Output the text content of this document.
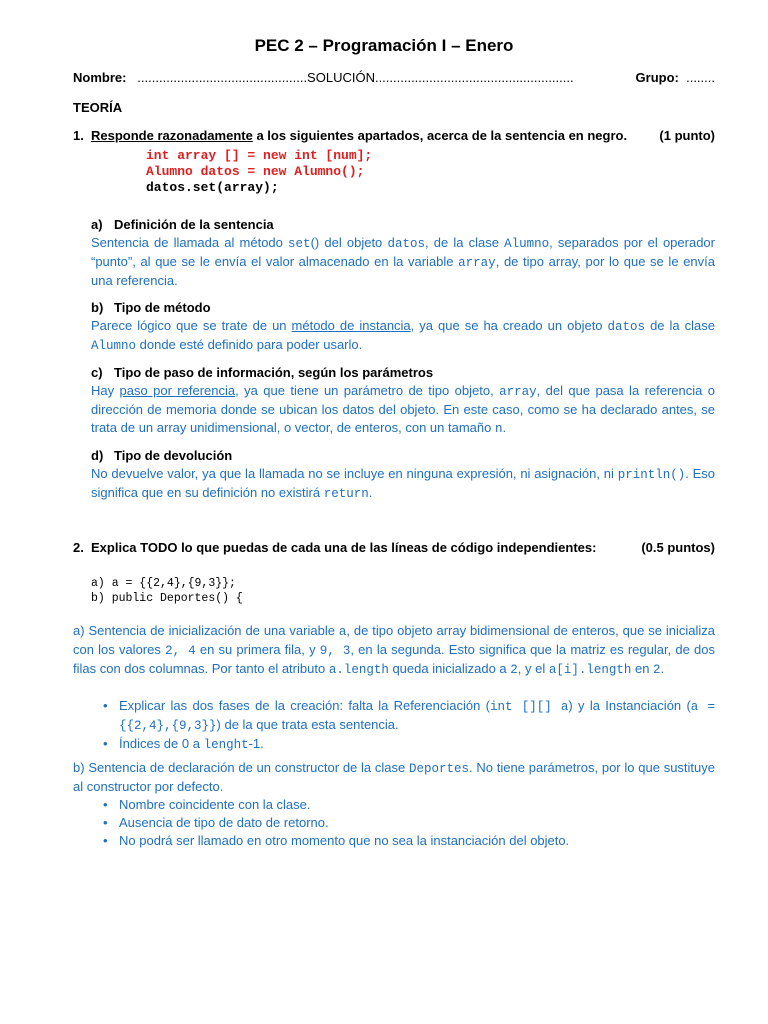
PEC 2 – Programación I – Enero
Nombre: ...............................................SOLUCIÓN.......................................................	Grupo: ........
TEORÍA
1. Responde razonadamente a los siguientes apartados, acerca de la sentencia en negro. (1 punto)
int array [] = new int [num];
Alumno datos = new Alumno();
datos.set(array);
a) Definición de la sentencia

Sentencia de llamada al método set() del objeto datos, de la clase Alumno, separados por el operador “punto”, al que se le envía el valor almacenado en la variable array, de tipo array, por lo que se le envía una referencia.

b) Tipo de método

Parece lógico que se trate de un método de instancia, ya que se ha creado un objeto datos de la clase Alumno donde esté definido para poder usarlo.

c) Tipo de paso de información, según los parámetros

Hay paso por referencia, ya que tiene un parámetro de tipo objeto, array, del que pasa la referencia o dirección de memoria donde se ubican los datos del objeto. En este caso, como se ha declarado antes, se trata de un array unidimensional, o vector, de enteros, con un tamaño n.

d) Tipo de devolución

No devuelve valor, ya que la llamada no se incluye en ninguna expresión, ni asignación, ni println(). Eso significa que en su definición no existirá return.

2. Explica TODO lo que puedas de cada una de las líneas de código independientes:	(0.5 puntos)
a) a = {{2,4},{9,3}};
b) public Deportes() {

a) Sentencia de inicialización de una variable a, de tipo objeto array bidimensional de enteros, que se inicializa con los valores 2, 4 en su primera fila, y 9, 3, en la segunda. Esto significa que la matriz es regular, de dos filas con dos columnas. Por tanto el atributo a.length queda inicializado a 2, y el a[i].length en 2.

• Explicar las dos fases de la creación: falta la Referenciación (int [][] a) y la Instanciación (a = {{2,4},{9,3}}) de la que trata esta sentencia.
• Índices de 0 a lenght-1.

b) Sentencia de declaración de un constructor de la clase Deportes. No tiene parámetros, por lo que sustituye al constructor por defecto.

• Nombre coincidente con la clase.
• Ausencia de tipo de dato de retorno.
• No podrá ser llamado en otro momento que no sea la instanciación del objeto.
